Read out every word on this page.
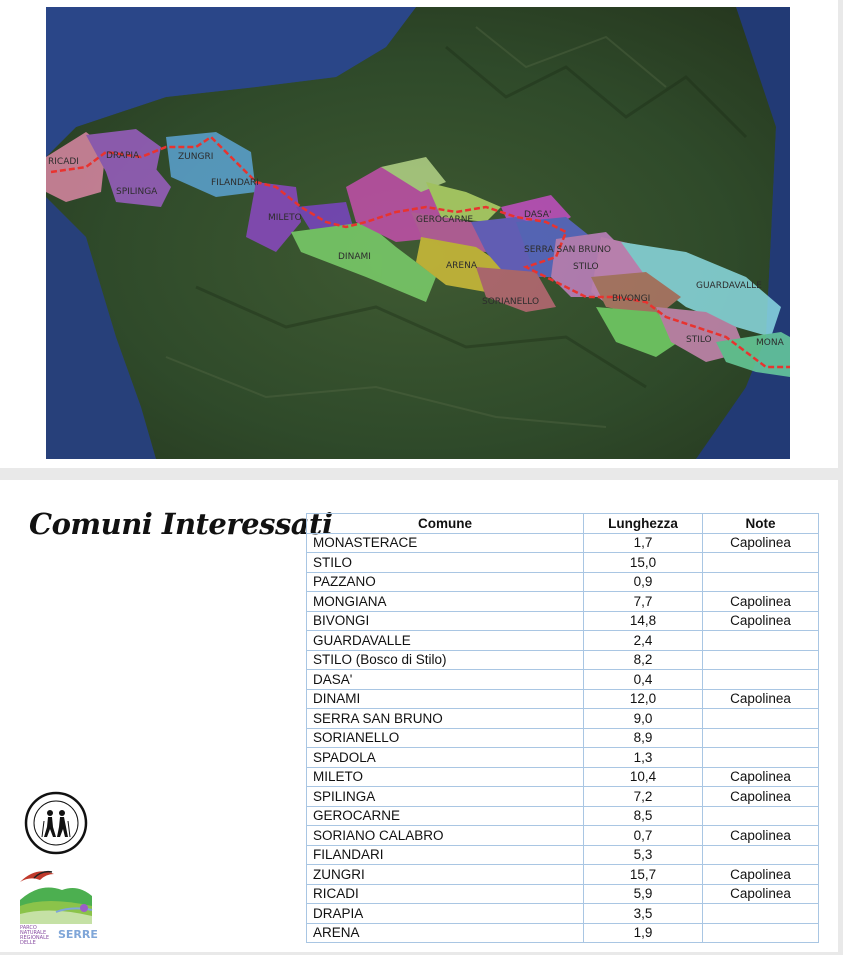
RICADI
DRAPIA
SPILINGA
ZUNGRI
FILANDARI
MILETO
DINAMI
GEROCARNE
ARENA
SORIANELLO
DASA'
SERRA SAN BRUNO
STILO
BIVONGI
GUARDAVALLE
STILO	MONA
Comuni Interessati	Comune	Lunghezza	Note
MONASTERACE	1,7	Capolinea
STILO	15,0	
PAZZANO	0,9	
MONGIANA	7,7	Capolinea
BIVONGI	14,8	Capolinea
GUARDAVALLE	2,4	
STILO (Bosco di Stilo)	8,2	
DASA'	0,4	
DINAMI	12,0	Capolinea
SERRA SAN BRUNO	9,0	
SORIANELLO	8,9	
SPADOLA	1,3	
MILETO	10,4	Capolinea
SPILINGA	7,2	Capolinea
GEROCARNE	8,5	
SORIANO CALABRO	0,7	Capolinea
FILANDARI	5,3	
ZUNGRI	15,7	Capolinea
RICADI	5,9	Capolinea
DRAPIA	3,5	
ARENA	1,9	
PARCO NATURALE REGIONALE DELLE
SERRE
